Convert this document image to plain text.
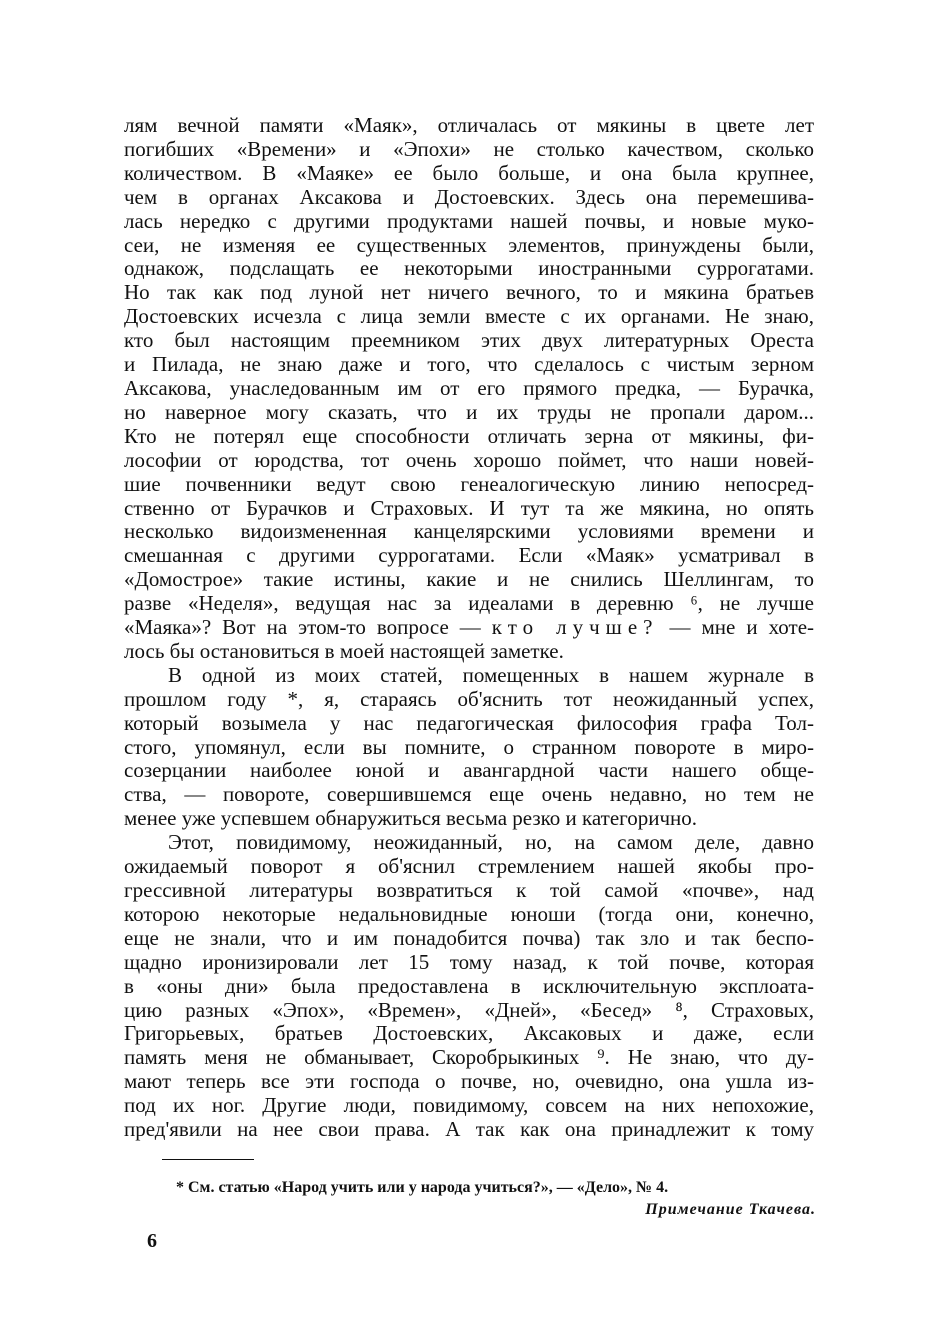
лям вечной памяти «Маяк», отличалась от мякины в цвете лет
погибших «Времени» и «Эпохи» не столько качеством, сколько
количеством. В «Маяке» ее было больше, и она была крупнее,
чем в органах Аксакова и Достоевских. Здесь она перемешива-
лась нередко с другими продуктами нашей почвы, и новые муко-
сеи, не изменяя ее существенных элементов, принуждены были,
однакож, подслащать ее некоторыми иностранными суррогатами.
Но так как под луной нет ничего вечного, то и мякина братьев
Достоевских исчезла с лица земли вместе с их органами. Не знаю,
кто был настоящим преемником этих двух литературных Ореста
и Пилада, не знаю даже и того, что сделалось с чистым зерном
Аксакова, унаследованным им от его прямого предка, — Бурачка,
но наверное могу сказать, что и их труды не пропали даром...
Кто не потерял еще способности отличать зерна от мякины, фи-
лософии от юродства, тот очень хорошо поймет, что наши новей-
шие почвенники ведут свою генеалогическую линию непосред-
ственно от Бурачков и Страховых. И тут та же мякина, но опять
несколько видоизмененная канцелярскими условиями времени и
смешанная с другими суррогатами. Если «Маяк» усматривал в
«Домострое» такие истины, какие и не снились Шеллингам, то
разве «Неделя», ведущая нас за идеалами в деревню ⁶, не лучше
«Маяка»? Вот на этом-то вопросе — кто лучше? — мне и хоте-
лось бы остановиться в моей настоящей заметке.
В одной из моих статей, помещенных в нашем журнале в
прошлом году *, я, стараясь об'яснить тот неожиданный успех,
который возымела у нас педагогическая философия графа Тол-
стого, упомянул, если вы помните, о странном повороте в миро-
созерцании наиболее юной и авангардной части нашего обще-
ства, — повороте, совершившемся еще очень недавно, но тем не
менее уже успевшем обнаружиться весьма резко и категорично.
Этот, повидимому, неожиданный, но, на самом деле, давно
ожидаемый поворот я об'яснил стремлением нашей якобы про-
грессивной литературы возвратиться к той самой «почве», над
которою некоторые недальновидные юноши (тогда они, конечно,
еще не знали, что и им понадобится почва) так зло и так беспо-
щадно иронизировали лет 15 тому назад, к той почве, которая
в «оны дни» была предоставлена в исключительную эксплоата-
цию разных «Эпох», «Времен», «Дней», «Бесед» ⁸, Страховых,
Григорьевых, братьев Достоевских, Аксаковых и даже, если
память меня не обманывает, Скоробрыкиных ⁹. Не знаю, что ду-
мают теперь все эти господа о почве, но, очевидно, она ушла из-
под их ног. Другие люди, повидимому, совсем на них непохожие,
пред'явили на нее свои права. А так как она принадлежит к тому
* См. статью «Народ учить или у народа учиться?», — «Дело», № 4.
Примечание Ткачева.
6
